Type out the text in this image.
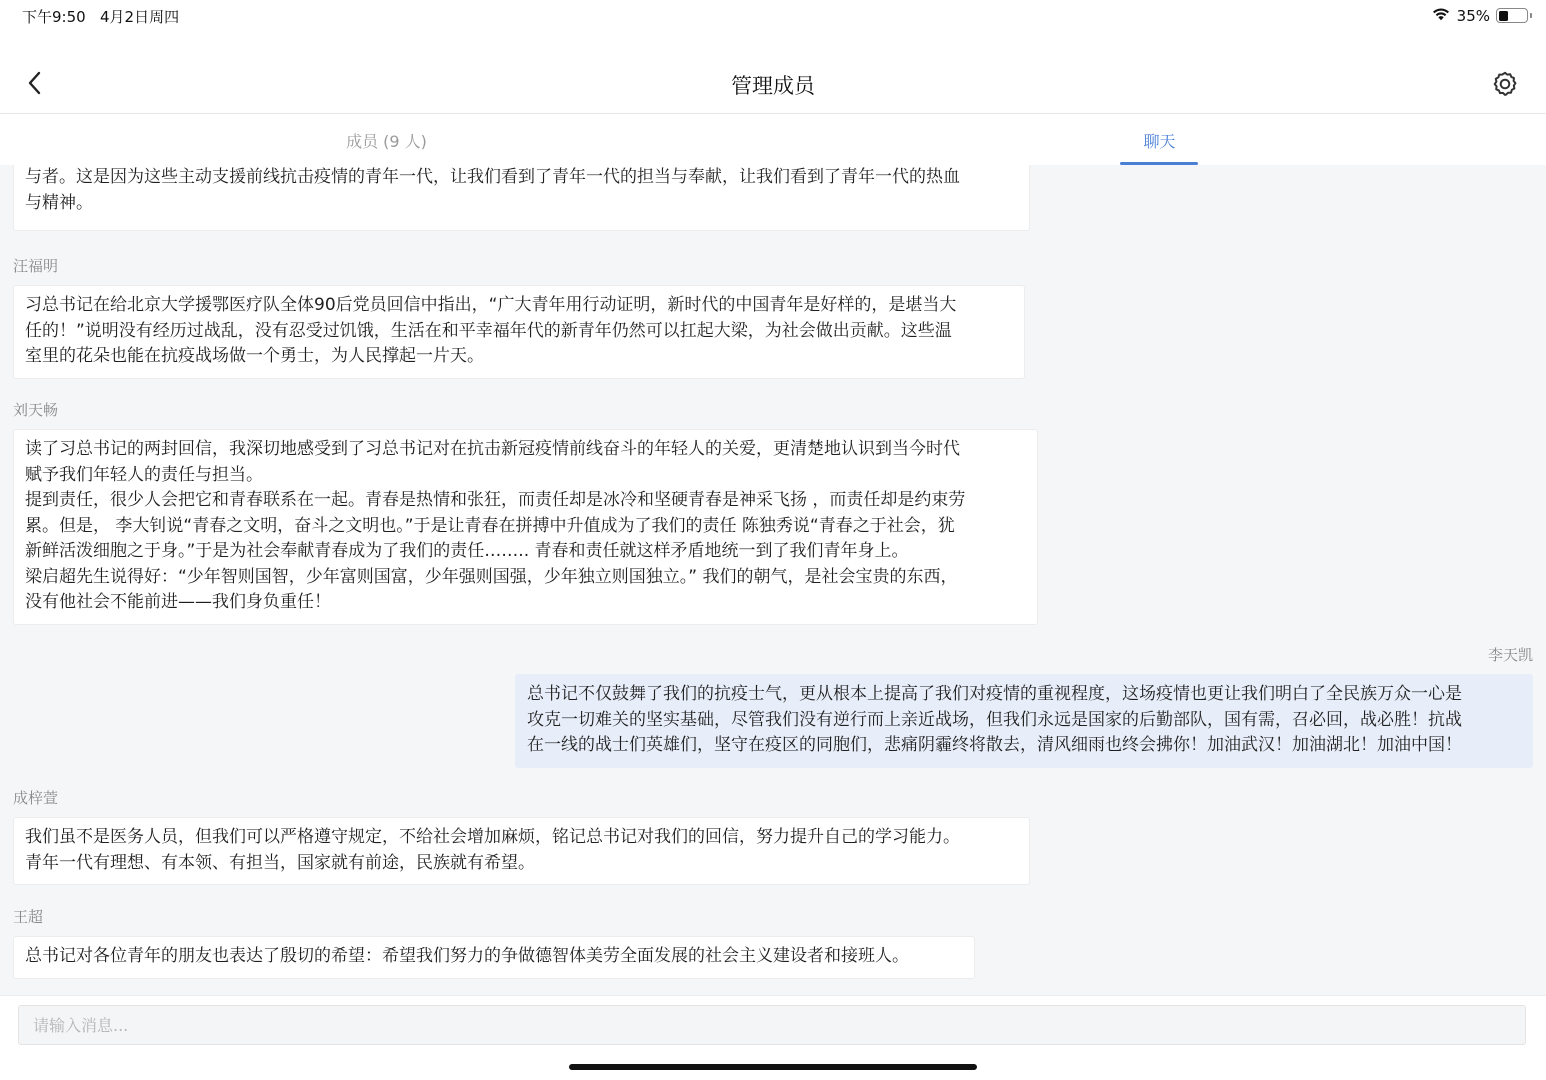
下午9:50 4月2日周四	35%
管理成员
成员 (9 人)	聊天
与者。这是因为这些主动支援前线抗击疫情的青年一代，让我们看到了青年一代的担当与奉献，让我们看到了青年一代的热血
与精神。
汪福明
习总书记在给北京大学援鄂医疗队全体90后党员回信中指出，“广大青年用行动证明，新时代的中国青年是好样的，是堪当大
任的！”说明没有经历过战乱，没有忍受过饥饿，生活在和平幸福年代的新青年仍然可以扛起大梁，为社会做出贡献。这些温
室里的花朵也能在抗疫战场做一个勇士，为人民撑起一片天。
刘天畅
读了习总书记的两封回信，我深切地感受到了习总书记对在抗击新冠疫情前线奋斗的年轻人的关爱，更清楚地认识到当今时代
赋予我们年轻人的责任与担当。
提到责任，很少人会把它和青春联系在一起。青春是热情和张狂，而责任却是冰冷和坚硬青春是神采飞扬 ，而责任却是约束劳
累。但是， 李大钊说“青春之文明，奋斗之文明也。”于是让青春在拼搏中升值成为了我们的责任 陈独秀说“青春之于社会，犹
新鲜活泼细胞之于身。”于是为社会奉献青春成为了我们的责任…….. 青春和责任就这样矛盾地统一到了我们青年身上。
梁启超先生说得好：“少年智则国智，少年富则国富，少年强则国强，少年独立则国独立。” 我们的朝气，是社会宝贵的东西，
没有他社会不能前进——我们身负重任！
李天凯
总书记不仅鼓舞了我们的抗疫士气，更从根本上提高了我们对疫情的重视程度，这场疫情也更让我们明白了全民族万众一心是
攻克一切难关的坚实基础，尽管我们没有逆行而上亲近战场，但我们永远是国家的后勤部队，国有需，召必回，战必胜！抗战
在一线的战士们英雄们，坚守在疫区的同胞们，悲痛阴霾终将散去，清风细雨也终会拂你！加油武汉！加油湖北！加油中国！
成梓萱
我们虽不是医务人员，但我们可以严格遵守规定，不给社会增加麻烦，铭记总书记对我们的回信，努力提升自己的学习能力。
青年一代有理想、有本领、有担当，国家就有前途，民族就有希望。
王超
总书记对各位青年的朋友也表达了殷切的希望：希望我们努力的争做德智体美劳全面发展的社会主义建设者和接班人。
请输入消息...
